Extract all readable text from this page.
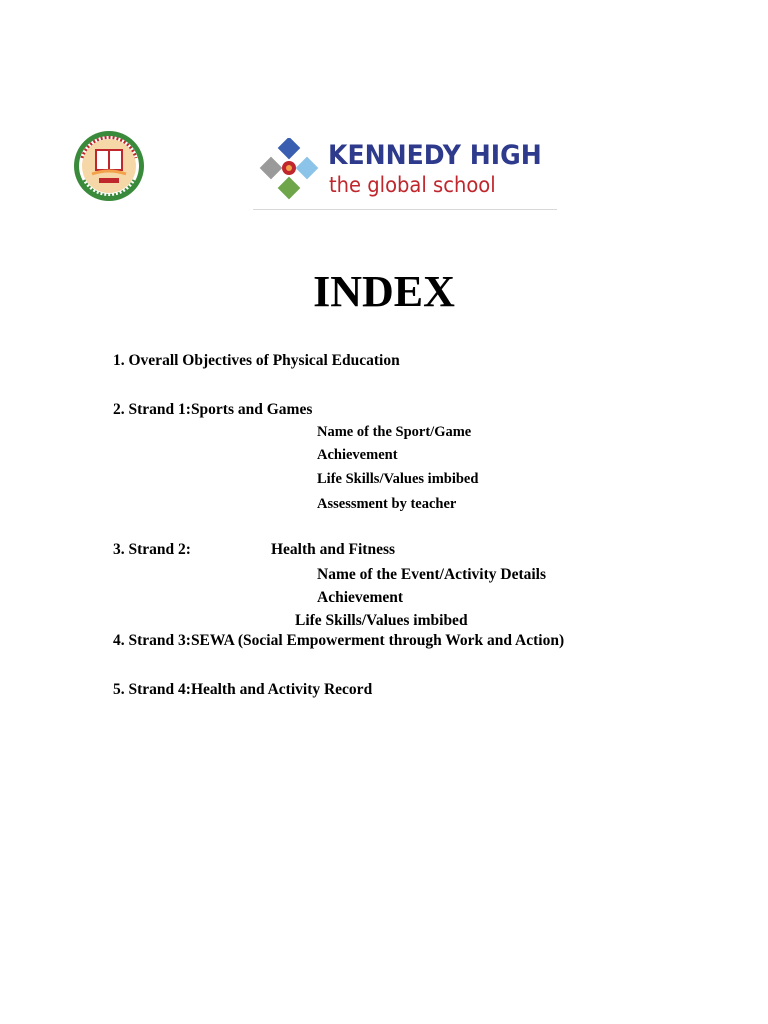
KENNEDY HIGH
the global school
INDEX
1. Overall Objectives of Physical Education
2. Strand 1:Sports and Games
Name of the Sport/Game
Achievement
Life Skills/Values imbibed
Assessment by teacher
3. Strand 2:	Health and Fitness
Name of the Event/Activity Details
Achievement
Life Skills/Values imbibed
4. Strand 3:SEWA (Social Empowerment through Work and Action)
5. Strand 4:Health and Activity Record
